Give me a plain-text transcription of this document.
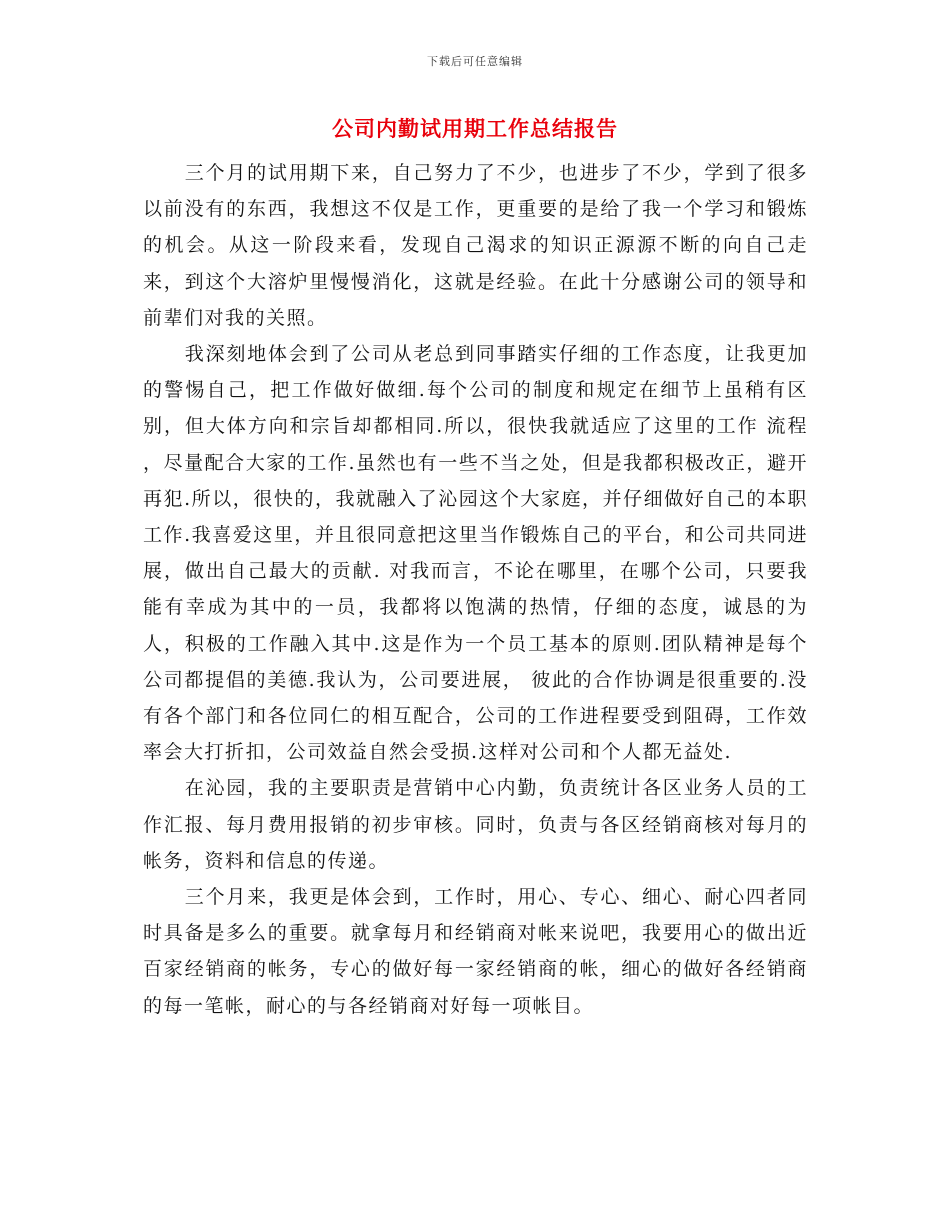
下载后可任意编辑
公司内勤试用期工作总结报告

三个月的试用期下来，自己努力了不少，也进步了不少，学到了很多以前没有的东西，我想这不仅是工作，更重要的是给了我一个学习和锻炼的机会。从这一阶段来看，发现自己渴求的知识正源源不断的向自己走来，到这个大溶炉里慢慢消化，这就是经验。在此十分感谢公司的领导和前辈们对我的关照。

我深刻地体会到了公司从老总到同事踏实仔细的工作态度，让我更加的警惕自己，把工作做好做细.每个公司的制度和规定在细节上虽稍有区别，但大体方向和宗旨却都相同.所以，很快我就适应了这里的工作 流程 ，尽量配合大家的工作.虽然也有一些不当之处，但是我都积极改正，避开再犯.所以，很快的，我就融入了沁园这个大家庭，并仔细做好自己的本职工作.我喜爱这里，并且很同意把这里当作锻炼自己的平台，和公司共同进展，做出自己最大的贡献. 对我而言，不论在哪里，在哪个公司，只要我能有幸成为其中的一员，我都将以饱满的热情，仔细的态度，诚恳的为人，积极的工作融入其中.这是作为一个员工基本的原则.团队精神是每个公司都提倡的美德.我认为，公司要进展， 彼此的合作协调是很重要的.没有各个部门和各位同仁的相互配合，公司的工作进程要受到阻碍，工作效率会大打折扣，公司效益自然会受损.这样对公司和个人都无益处.

在沁园，我的主要职责是营销中心内勤，负责统计各区业务人员的工作汇报、每月费用报销的初步审核。同时，负责与各区经销商核对每月的帐务，资料和信息的传递。

三个月来，我更是体会到，工作时，用心、专心、细心、耐心四者同时具备是多么的重要。就拿每月和经销商对帐来说吧，我要用心的做出近百家经销商的帐务，专心的做好每一家经销商的帐，细心的做好各经销商的每一笔帐，耐心的与各经销商对好每一项帐目。
